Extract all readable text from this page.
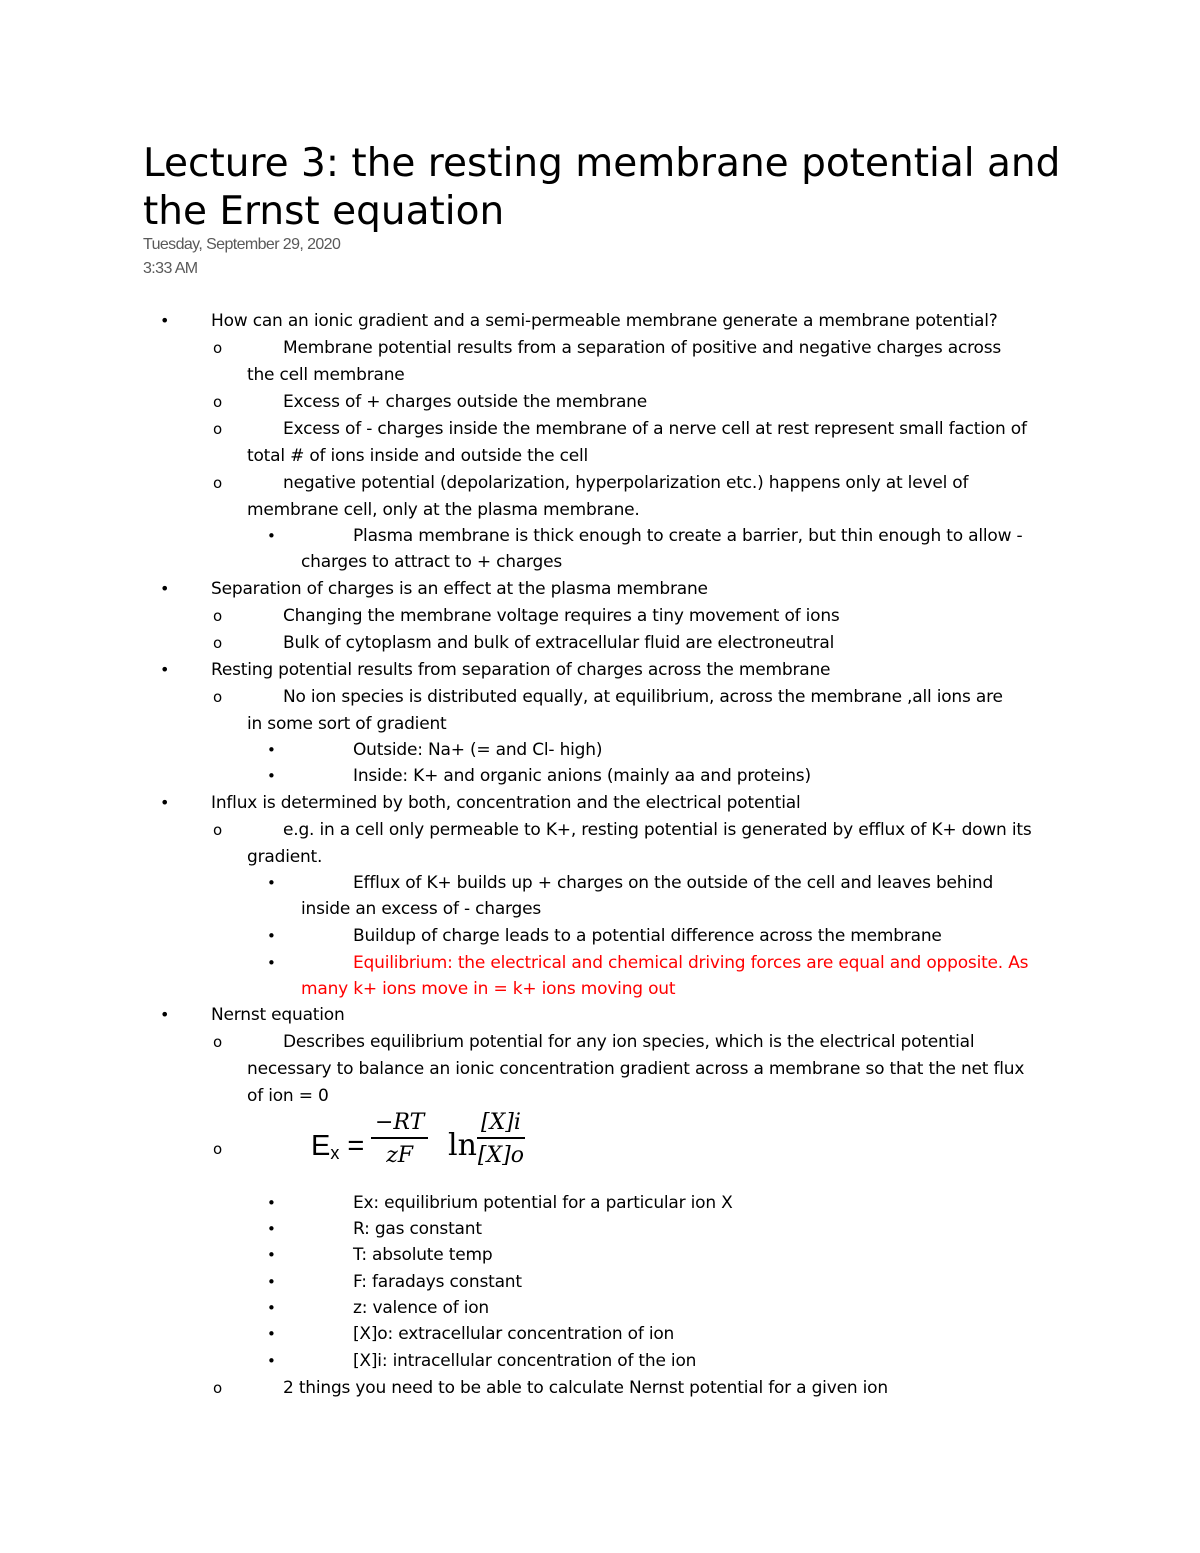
Lecture 3: the resting membrane potential and the Ernst equation
Tuesday, September 29, 2020
3:33 AM
• How can an ionic gradient and a semi-permeable membrane generate a membrane potential?
o	Membrane potential results from a separation of positive and negative charges across
the cell membrane
o	Excess of + charges outside the membrane
o	Excess of - charges inside the membrane of a nerve cell at rest represent small faction of
total # of ions inside and outside the cell
o	negative potential (depolarization, hyperpolarization etc.) happens only at level of
membrane cell, only at the plasma membrane.
•	Plasma membrane is thick enough to create a barrier, but thin enough to allow -
charges to attract to + charges
• Separation of charges is an effect at the plasma membrane
o	Changing the membrane voltage requires a tiny movement of ions
o	Bulk of cytoplasm and bulk of extracellular fluid are electroneutral
• Resting potential results from separation of charges across the membrane
o	No ion species is distributed equally, at equilibrium, across the membrane ,all ions are
in some sort of gradient
•	Outside: Na+ (= and Cl- high)
•	Inside: K+ and organic anions (mainly aa and proteins)
• Influx is determined by both, concentration and the electrical potential
o	e.g. in a cell only permeable to K+, resting potential is generated by efflux of K+ down its
gradient.
•	Efflux of K+ builds up + charges on the outside of the cell and leaves behind
inside an excess of - charges
•	Buildup of charge leads to a potential difference across the membrane
•	Equilibrium: the electrical and chemical driving forces are equal and opposite. As
many k+ ions move in = k+ ions moving out
• Nernst equation
o	Describes equilibrium potential for any ion species, which is the electrical potential
necessary to balance an ionic concentration gradient across a membrane so that the net flux
of ion = 0
o	$E_x = \frac{-RT}{zF}$ $\ln \frac{[X]i}{[X]o}$
•	Ex: equilibrium potential for a particular ion X
•	R: gas constant
•	T: absolute temp
•	F: faradays constant
•	z: valence of ion
•	[X]o: extracellular concentration of ion
•	[X]i: intracellular concentration of the ion
o	2 things you need to be able to calculate Nernst potential for a given ion
